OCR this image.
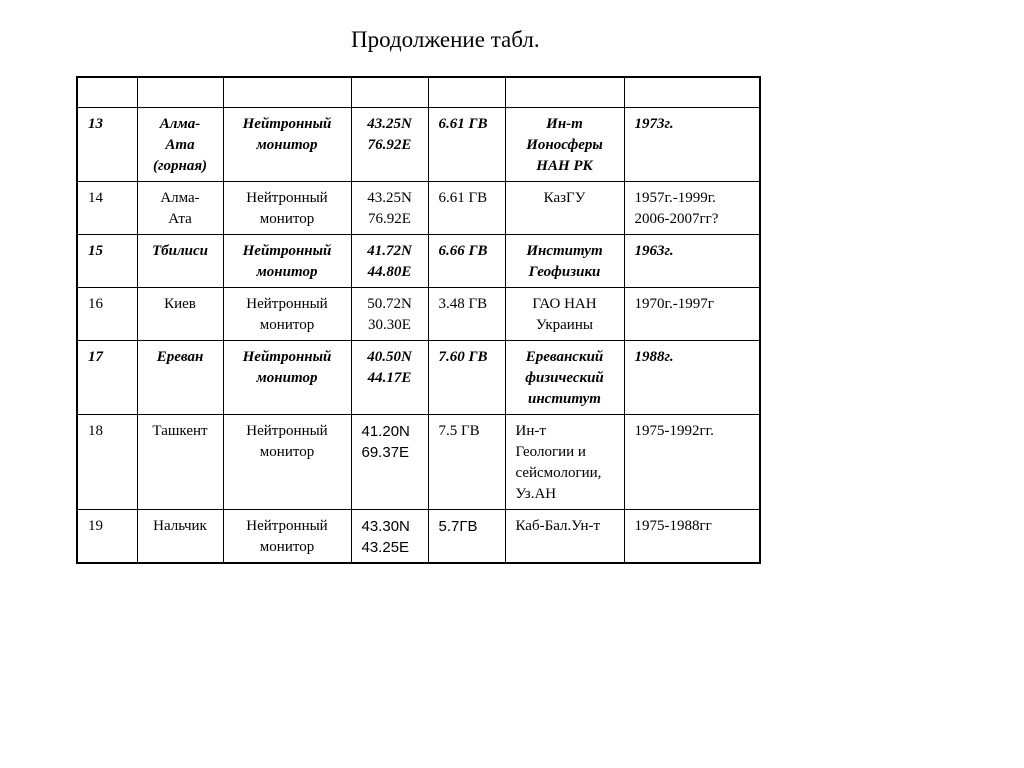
Продолжение табл.

13	Алма-
Ата
(горная)	Нейтронный
монитор	43.25N
76.92E	6.61 ГВ	Ин-т
Ионосферы
НАН РК	1973г.

14	Алма-
Ата	Нейтронный
монитор	43.25N
76.92E	6.61 ГВ	КазГУ	1957г.-1999г.
2006-2007гг?

15	Тбилиси	Нейтронный
монитор	41.72N
44.80E	6.66 ГВ	Институт
Геофизики	1963г.

16	Киев	Нейтронный
монитор	50.72N
30.30E	3.48 ГВ	ГАО НАН
Украины	1970г.-1997г

17	Ереван	Нейтронный
монитор	40.50N
44.17E	7.60 ГВ	Ереванский
физический
институт	1988г.

18	Ташкент	Нейтронный
монитор	41.20N
69.37E	7.5 ГВ	Ин-т
Геологии и
сейсмологии,
Уз.АН	1975-1992гг.

19	Нальчик	Нейтронный
монитор	43.30N
43.25E	5.7ГВ	Каб-Бал.Ун-т	1975-1988гг
